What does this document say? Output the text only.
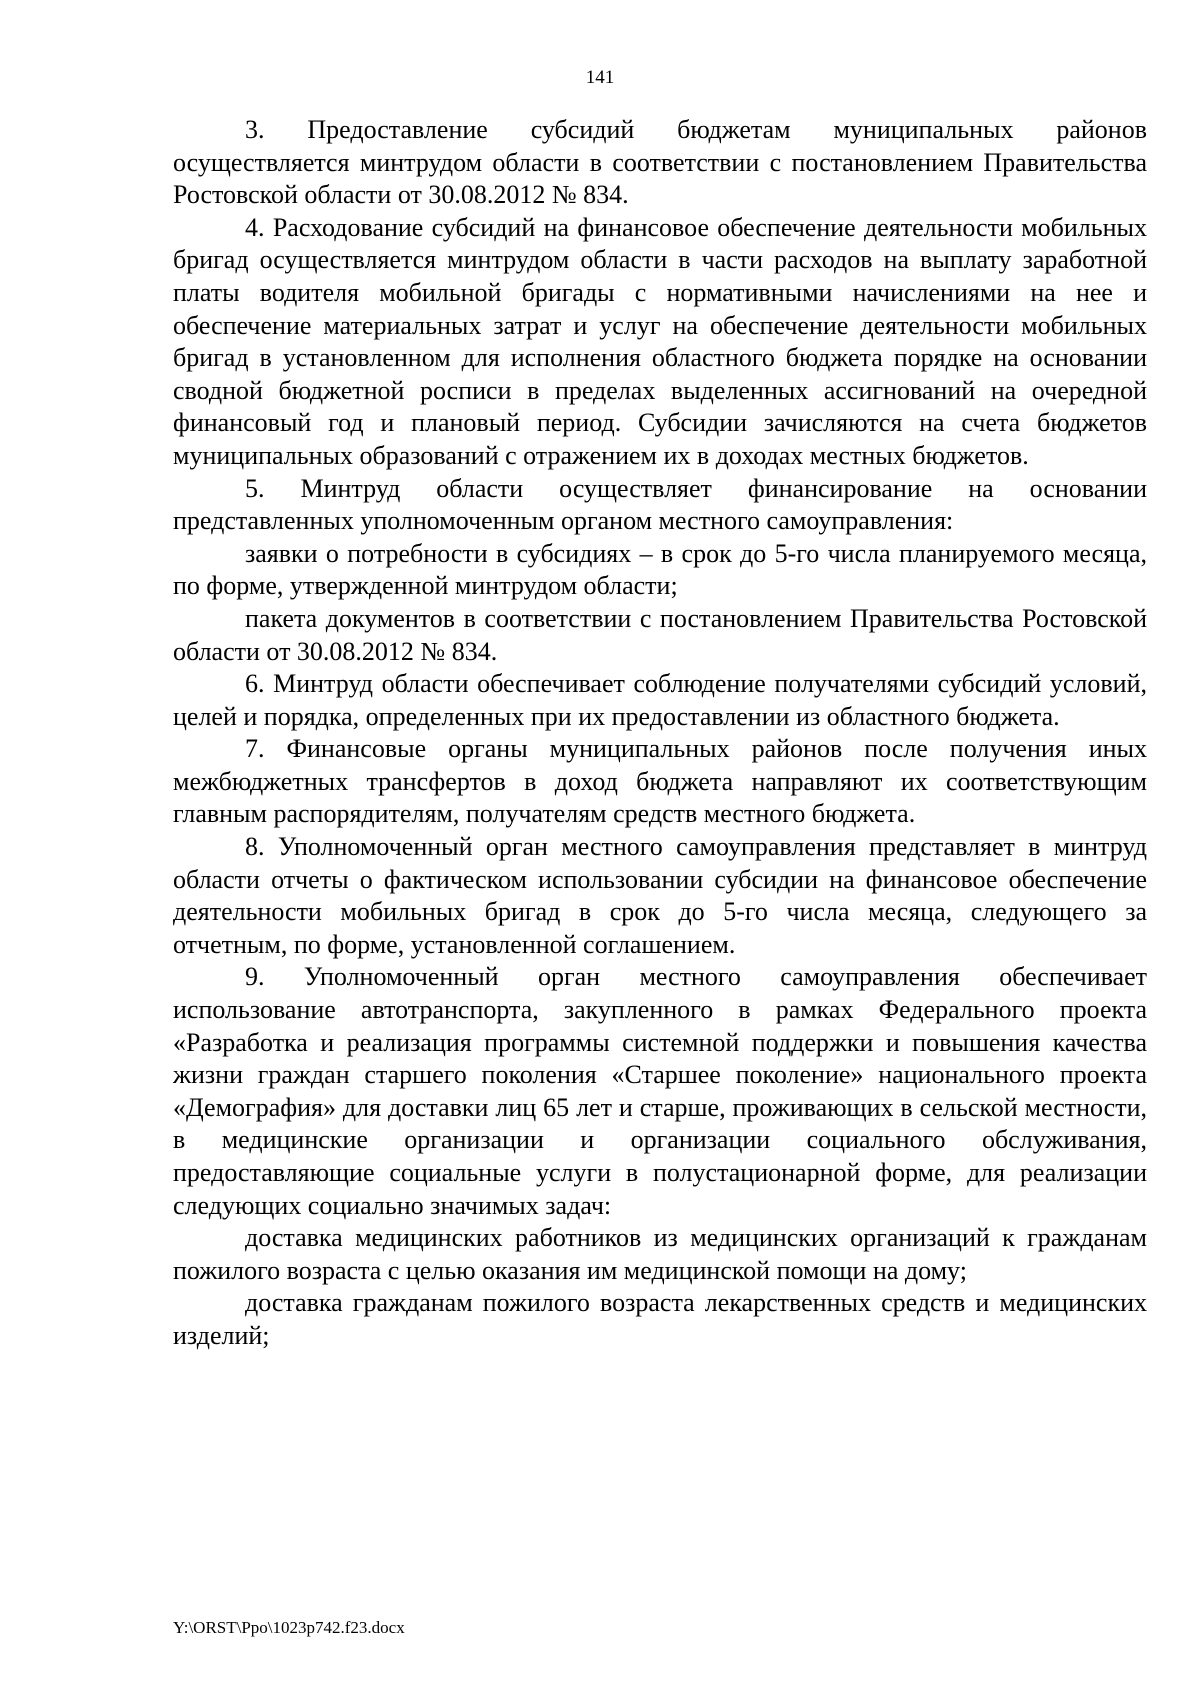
141

3. Предоставление субсидий бюджетам муниципальных районов осуществляется минтрудом области в соответствии с постановлением Правительства Ростовской области от 30.08.2012 № 834.

4. Расходование субсидий на финансовое обеспечение деятельности мобильных бригад осуществляется минтрудом области в части расходов на выплату заработной платы водителя мобильной бригады с нормативными начислениями на нее и обеспечение материальных затрат и услуг на обеспечение деятельности мобильных бригад в установленном для исполнения областного бюджета порядке на основании сводной бюджетной росписи в пределах выделенных ассигнований на очередной финансовый год и плановый период. Субсидии зачисляются на счета бюджетов муниципальных образований с отражением их в доходах местных бюджетов.

5. Минтруд области осуществляет финансирование на основании представленных уполномоченным органом местного самоуправления:

заявки о потребности в субсидиях – в срок до 5-го числа планируемого месяца, по форме, утвержденной минтрудом области;

пакета документов в соответствии с постановлением Правительства Ростовской области от 30.08.2012 № 834.

6. Минтруд области обеспечивает соблюдение получателями субсидий условий, целей и порядка, определенных при их предоставлении из областного бюджета.

7. Финансовые органы муниципальных районов после получения иных межбюджетных трансфертов в доход бюджета направляют их соответствующим главным распорядителям, получателям средств местного бюджета.

8. Уполномоченный орган местного самоуправления представляет в минтруд области отчеты о фактическом использовании субсидии на финансовое обеспечение деятельности мобильных бригад в срок до 5-го числа месяца, следующего за отчетным, по форме, установленной соглашением.

9. Уполномоченный орган местного самоуправления обеспечивает использование автотранспорта, закупленного в рамках Федерального проекта «Разработка и реализация программы системной поддержки и повышения качества жизни граждан старшего поколения «Старшее поколение» национального проекта «Демография» для доставки лиц 65 лет и старше, проживающих в сельской местности, в медицинские организации и организации социального обслуживания, предоставляющие социальные услуги в полустационарной форме, для реализации следующих социально значимых задач:

доставка медицинских работников из медицинских организаций к гражданам пожилого возраста с целью оказания им медицинской помощи на дому;

доставка гражданам пожилого возраста лекарственных средств и медицинских изделий;

Y:\ORST\Ppo\1023p742.f23.docx
